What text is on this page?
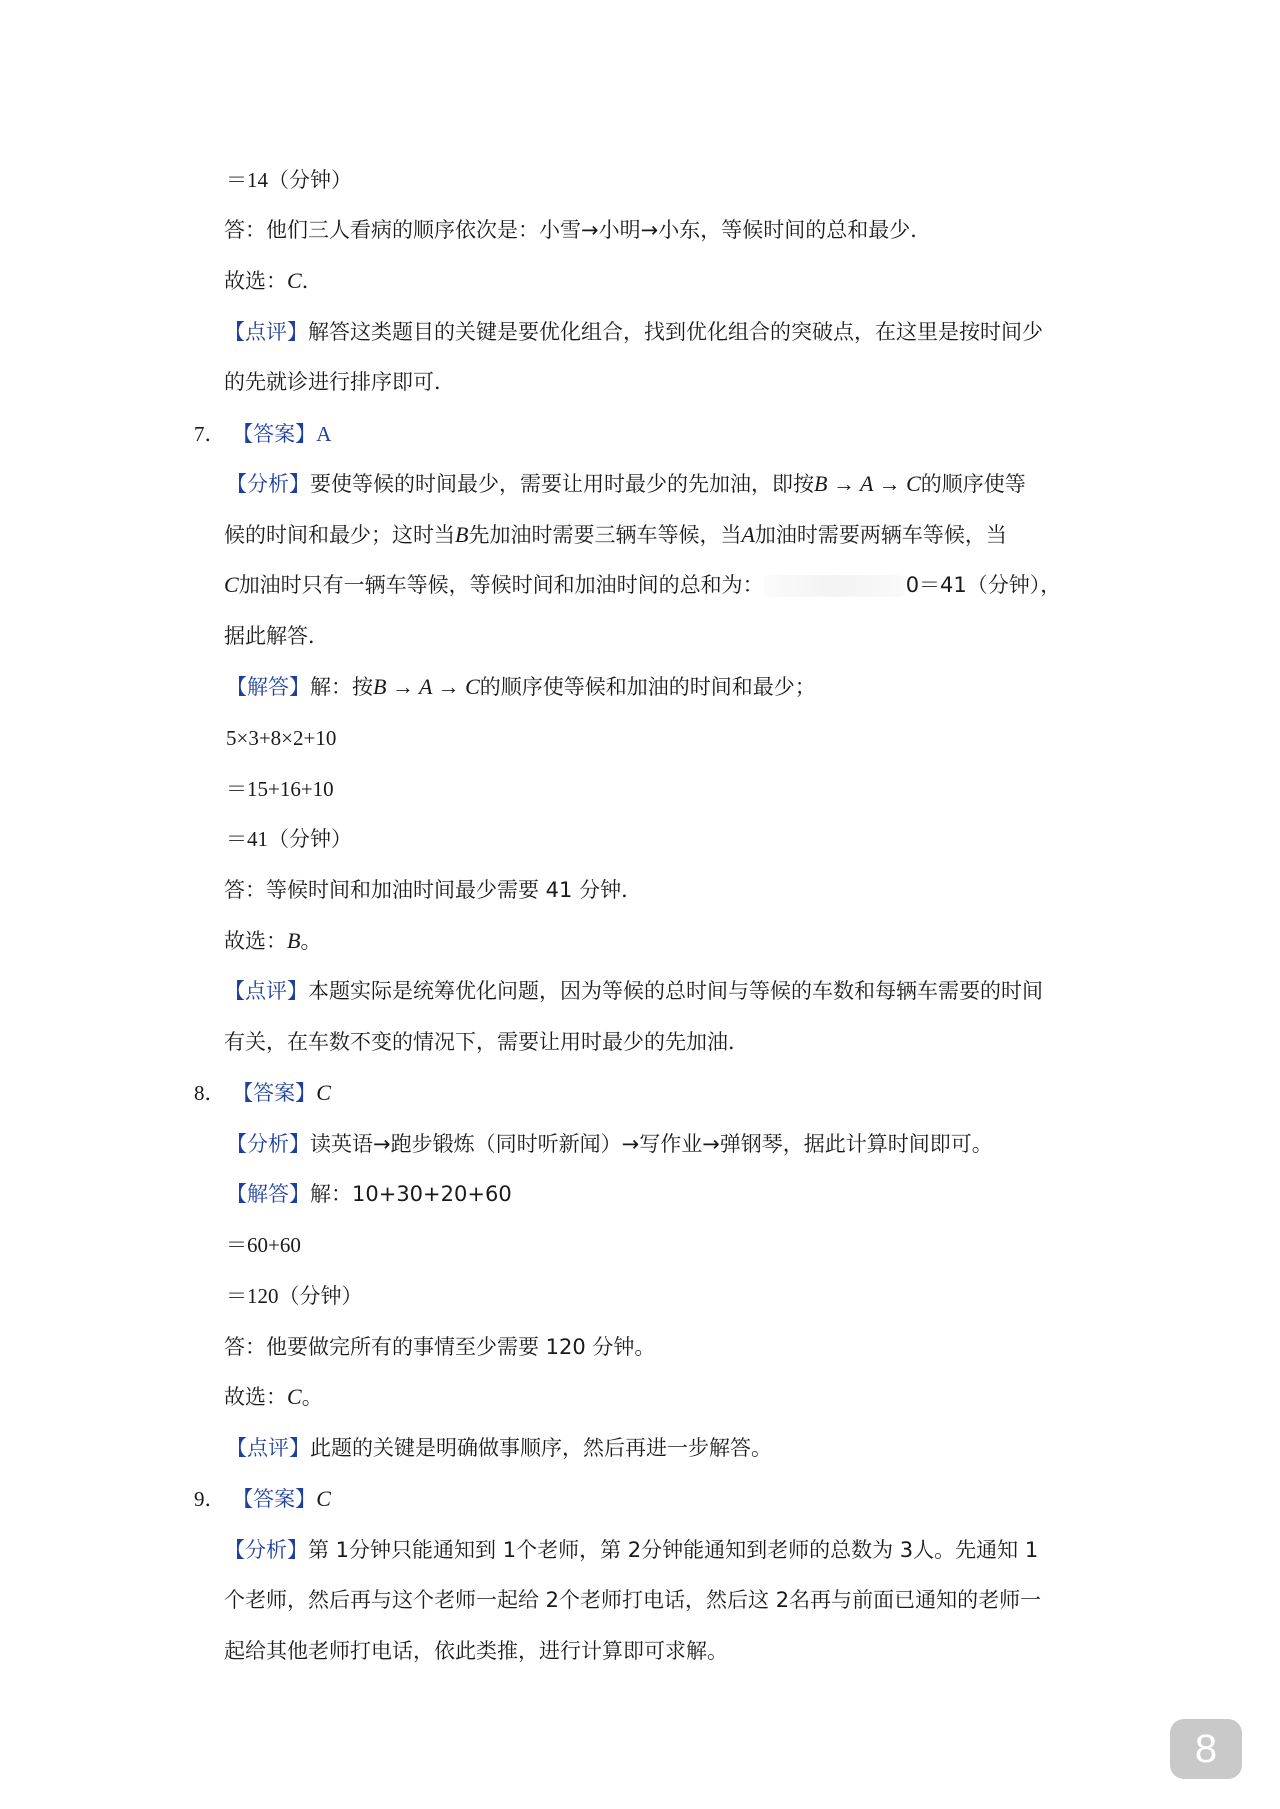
＝14（分钟）
答：他们三人看病的顺序依次是：小雪→小明→小东，等候时间的总和最少．
故选：C．
【点评】解答这类题目的关键是要优化组合，找到优化组合的突破点，在这里是按时间少
的先就诊进行排序即可．
7． 【答案】A
【分析】要使等候的时间最少，需要让用时最少的先加油，即按B → A → C的顺序使等
候的时间和最少；这时当B先加油时需要三辆车等候，当A加油时需要两辆车等候，当
C加油时只有一辆车等候，等候时间和加油时间的总和为：	0＝41（分钟），
据此解答．
【解答】解：按B → A → C的顺序使等候和加油的时间和最少；
5×3+8×2+10
＝15+16+10
＝41（分钟）
答：等候时间和加油时间最少需要 41 分钟．
故选：B。
【点评】本题实际是统筹优化问题，因为等候的总时间与等候的车数和每辆车需要的时间
有关，在车数不变的情况下，需要让用时最少的先加油．
8． 【答案】C
【分析】读英语→跑步锻炼（同时听新闻）→写作业→弹钢琴，据此计算时间即可。
【解答】解：10+30+20+60
＝60+60
＝120（分钟）
答：他要做完所有的事情至少需要 120 分钟。
故选：C。
【点评】此题的关键是明确做事顺序，然后再进一步解答。
9． 【答案】C
【分析】第 1分钟只能通知到 1个老师，第 2分钟能通知到老师的总数为 3人。先通知 1
个老师，然后再与这个老师一起给 2个老师打电话，然后这 2名再与前面已通知的老师一
起给其他老师打电话，依此类推，进行计算即可求解。
8
